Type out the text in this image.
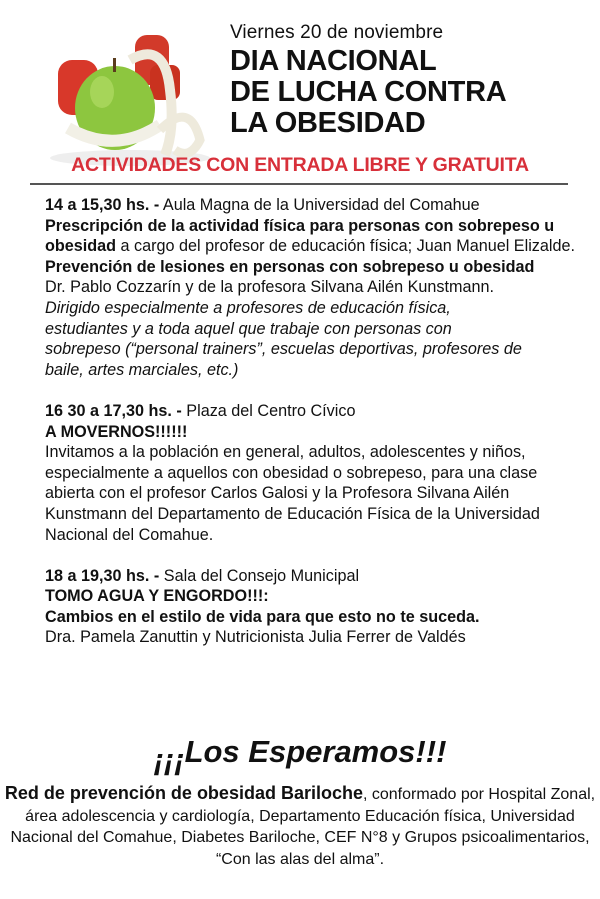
Viernes 20 de noviembre
DIA NACIONAL
DE LUCHA CONTRA
LA OBESIDAD
ACTIVIDADES CON ENTRADA LIBRE Y GRATUITA
14 a 15,30 hs. - Aula Magna de la Universidad del Comahue
Prescripción de la actividad física para personas con sobrepeso u obesidad a cargo del profesor de educación física; Juan Manuel Elizalde.
Prevención de lesiones en personas con sobrepeso u obesidad
Dr. Pablo Cozzarín y de la profesora Silvana Ailén Kunstmann.
Dirigido especialmente a profesores de educación física, estudiantes y a toda aquel que trabaje con personas con sobrepeso (“personal trainers”, escuelas deportivas, profesores de baile, artes marciales, etc.)
16 30 a 17,30 hs. - Plaza del Centro Cívico
A MOVERNOS!!!!!!
Invitamos a la población en general, adultos, adolescentes y niños, especialmente a aquellos con obesidad o sobrepeso, para una clase abierta con el profesor Carlos Galosi y la Profesora Silvana Ailén Kunstmann del Departamento de Educación Física de la Universidad Nacional del Comahue.
18 a 19,30 hs. - Sala del Consejo Municipal
TOMO AGUA Y ENGORDO!!!:
Cambios en el estilo de vida para que esto no te suceda.
Dra. Pamela Zanuttin y Nutricionista Julia Ferrer de Valdés
¡¡¡Los Esperamos!!!
Red de prevención de obesidad Bariloche, conformado por Hospital Zonal, área adolescencia y cardiología, Departamento Educación física, Universidad Nacional del Comahue, Diabetes Bariloche, CEF N°8 y Grupos psicoalimentarios, “Con las alas del alma”.
